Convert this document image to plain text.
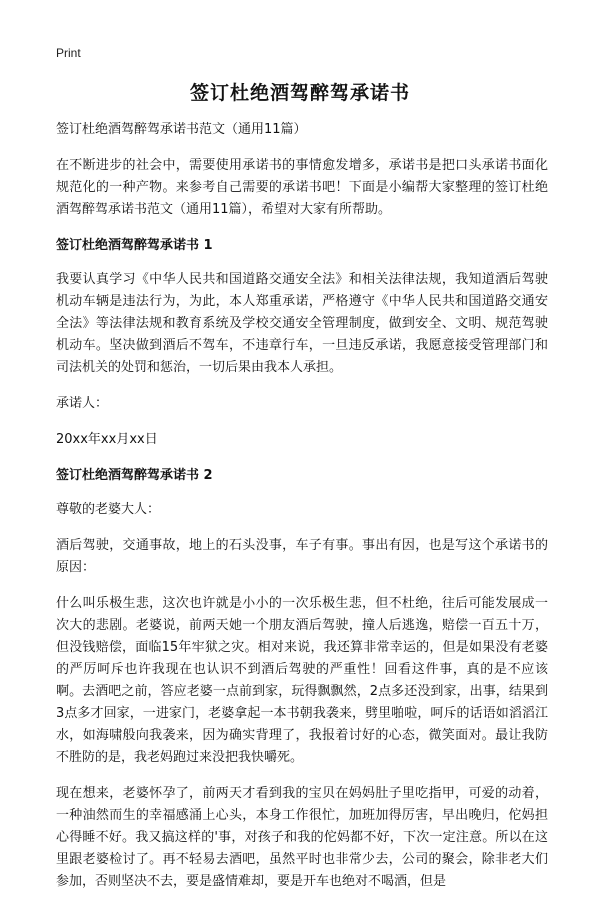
Print
签订杜绝酒驾醉驾承诺书

签订杜绝酒驾醉驾承诺书范文（通用11篇）

在不断进步的社会中，需要使用承诺书的事情愈发增多，承诺书是把口头承诺书面化规范化的一种产物。来参考自己需要的承诺书吧！下面是小编帮大家整理的签订杜绝酒驾醉驾承诺书范文（通用11篇），希望对大家有所帮助。

签订杜绝酒驾醉驾承诺书 1

我要认真学习《中华人民共和国道路交通安全法》和相关法律法规，我知道酒后驾驶机动车辆是违法行为，为此，本人郑重承诺，严格遵守《中华人民共和国道路交通安全法》等法律法规和教育系统及学校交通安全管理制度，做到安全、文明、规范驾驶机动车。坚决做到酒后不驾车，不违章行车，一旦违反承诺，我愿意接受管理部门和司法机关的处罚和惩治，一切后果由我本人承担。

承诺人：

20xx年xx月xx日

签订杜绝酒驾醉驾承诺书 2

尊敬的老婆大人：

酒后驾驶，交通事故，地上的石头没事，车子有事。事出有因，也是写这个承诺书的原因：

什么叫乐极生悲，这次也许就是小小的一次乐极生悲，但不杜绝，往后可能发展成一次大的悲剧。老婆说，前两天她一个朋友酒后驾驶，撞人后逃逸，赔偿一百五十万，但没钱赔偿，面临15年牢狱之灾。相对来说，我还算非常幸运的，但是如果没有老婆的严厉呵斥也许我现在也认识不到酒后驾驶的严重性！回看这件事，真的是不应该啊。去酒吧之前，答应老婆一点前到家，玩得飘飘然，2点多还没到家，出事，结果到3点多才回家，一进家门，老婆拿起一本书朝我袭来，劈里啪啦，呵斥的话语如滔滔江水，如海啸般向我袭来，因为确实背理了，我报着讨好的心态，微笑面对。最让我防不胜防的是，我老妈跑过来没把我快嚼死。

现在想来，老婆怀孕了，前两天才看到我的宝贝在妈妈肚子里吃指甲，可爱的动着，一种油然而生的幸福感涌上心头，本身工作很忙，加班加得厉害，早出晚归，佗妈担心得睡不好。我又搞这样的'事，对孩子和我的佗妈都不好，下次一定注意。所以在这里跟老婆检讨了。再不轻易去酒吧，虽然平时也非常少去，公司的聚会，除非老大们参加，否则坚决不去，要是盛情难却，要是开车也绝对不喝酒，但是
